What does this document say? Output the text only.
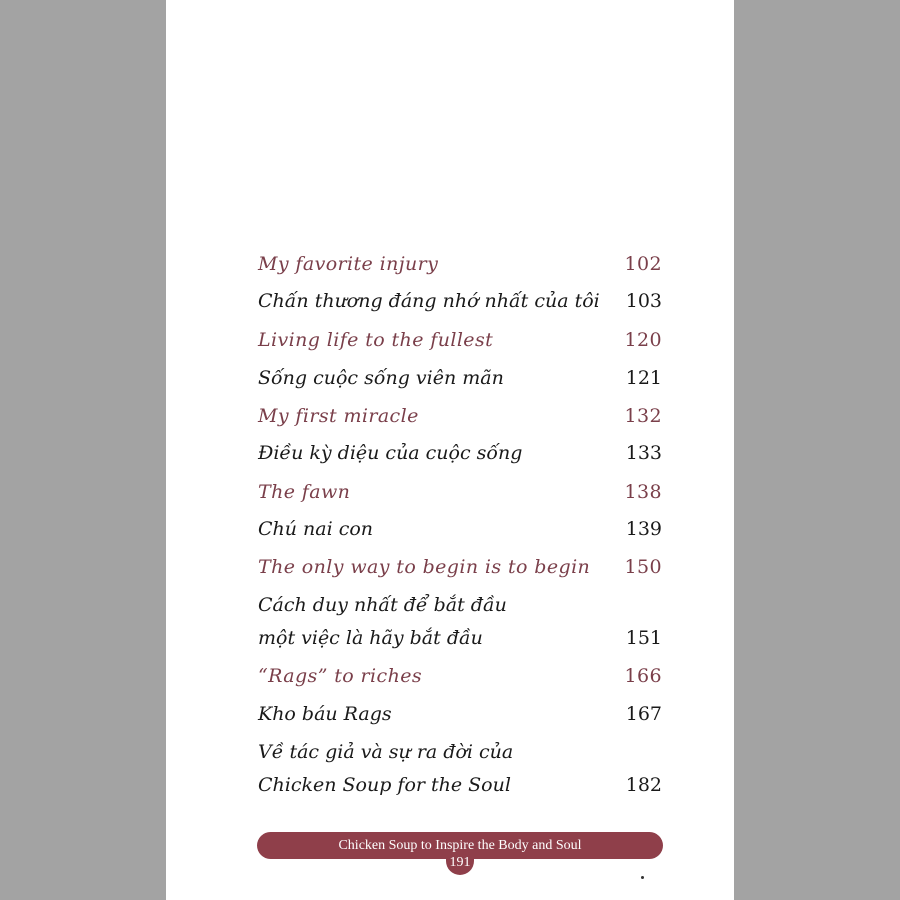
My favorite injury	102
Chấn thương đáng nhớ nhất của tôi 103
Living life to the fullest	120
Sống cuộc sống viên mãn	121
My first miracle	132
Điều kỳ diệu của cuộc sống	133
The fawn	138
Chú nai con	139
The only way to begin is to begin 150
Cách duy nhất để bắt đầu
một việc là hãy bắt đầu	151
“Rags” to riches	166
Kho báu Rags	167
Về tác giả và sự ra đời của
Chicken Soup for the Soul	182
Chicken Soup to Inspire the Body and Soul
191
